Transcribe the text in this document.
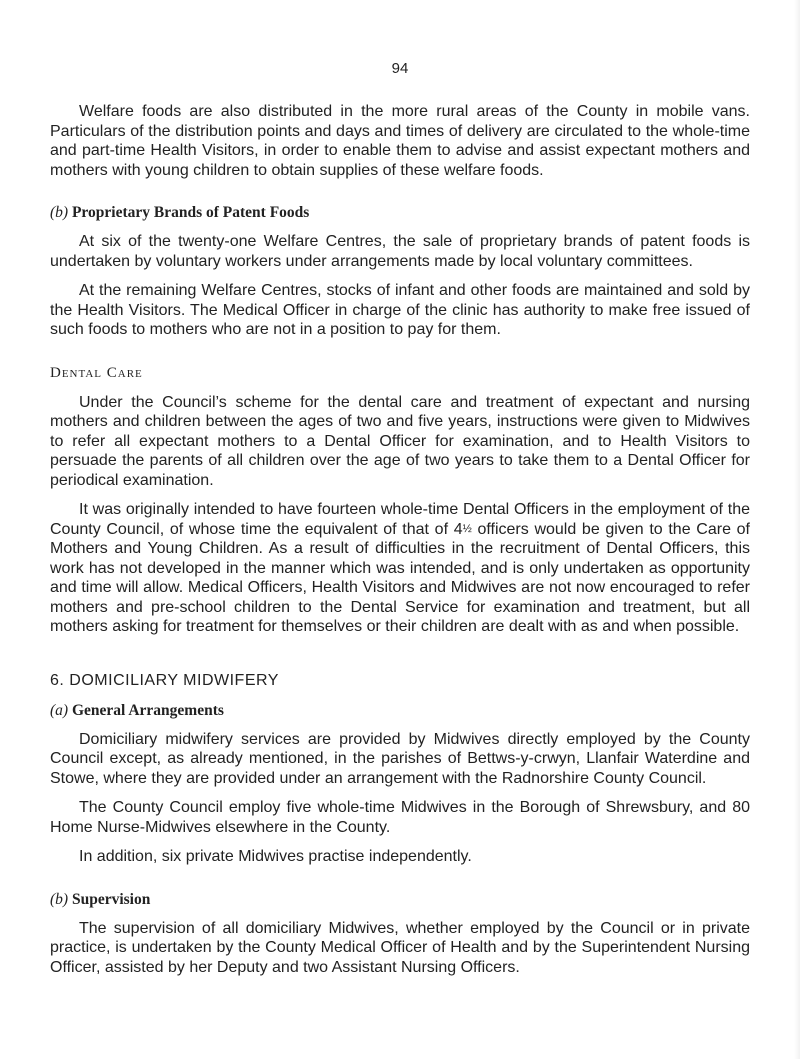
94

Welfare foods are also distributed in the more rural areas of the County in mobile vans. Particulars of the distribution points and days and times of delivery are circulated to the whole-time and part-time Health Visitors, in order to enable them to advise and assist expectant mothers and mothers with young children to obtain supplies of these welfare foods.

(b) Proprietary Brands of Patent Foods

At six of the twenty-one Welfare Centres, the sale of proprietary brands of patent foods is undertaken by voluntary workers under arrangements made by local voluntary committees.

At the remaining Welfare Centres, stocks of infant and other foods are maintained and sold by the Health Visitors. The Medical Officer in charge of the clinic has authority to make free issued of such foods to mothers who are not in a position to pay for them.

Dental Care

Under the Council’s scheme for the dental care and treatment of expectant and nursing mothers and children between the ages of two and five years, instructions were given to Midwives to refer all expectant mothers to a Dental Officer for examination, and to Health Visitors to persuade the parents of all children over the age of two years to take them to a Dental Officer for periodical examination.

It was originally intended to have fourteen whole-time Dental Officers in the employment of the County Council, of whose time the equivalent of that of 4½ officers would be given to the Care of Mothers and Young Children. As a result of difficulties in the recruitment of Dental Officers, this work has not developed in the manner which was intended, and is only undertaken as opportunity and time will allow. Medical Officers, Health Visitors and Midwives are not now encouraged to refer mothers and pre-school children to the Dental Service for examination and treatment, but all mothers asking for treatment for themselves or their children are dealt with as and when possible.

6. DOMICILIARY MIDWIFERY

(a) General Arrangements

Domiciliary midwifery services are provided by Midwives directly employed by the County Council except, as already mentioned, in the parishes of Bettws-y-crwyn, Llanfair Waterdine and Stowe, where they are provided under an arrangement with the Radnorshire County Council.

The County Council employ five whole-time Midwives in the Borough of Shrewsbury, and 80 Home Nurse-Midwives elsewhere in the County.

In addition, six private Midwives practise independently.

(b) Supervision

The supervision of all domiciliary Midwives, whether employed by the Council or in private practice, is undertaken by the County Medical Officer of Health and by the Superintendent Nursing Officer, assisted by her Deputy and two Assistant Nursing Officers.
